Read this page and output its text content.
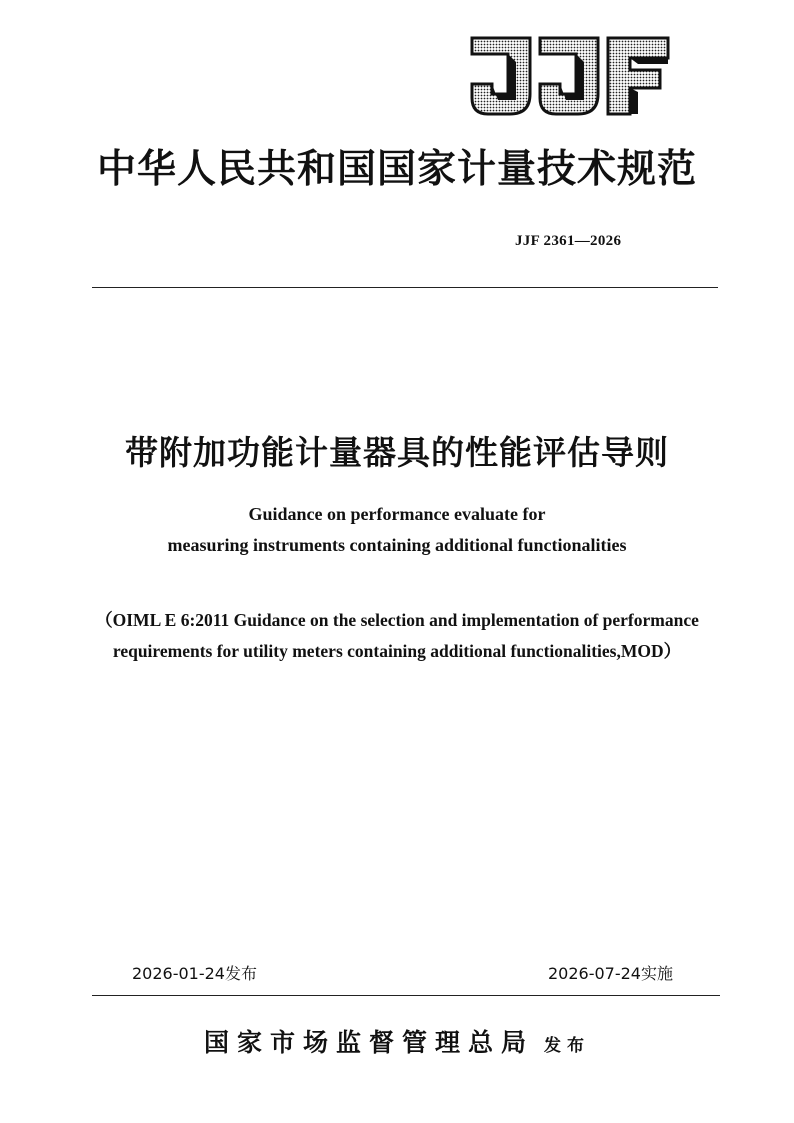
中华人民共和国国家计量技术规范
JJF 2361—2026
带附加功能计量器具的性能评估导则
Guidance on performance evaluate for
measuring instruments containing additional functionalities
（OIML E 6:2011 Guidance on the selection and implementation of performance
requirements for utility meters containing additional functionalities,MOD）
2026-01-24发布	2026-07-24实施
国家市场监督管理总局 发布
